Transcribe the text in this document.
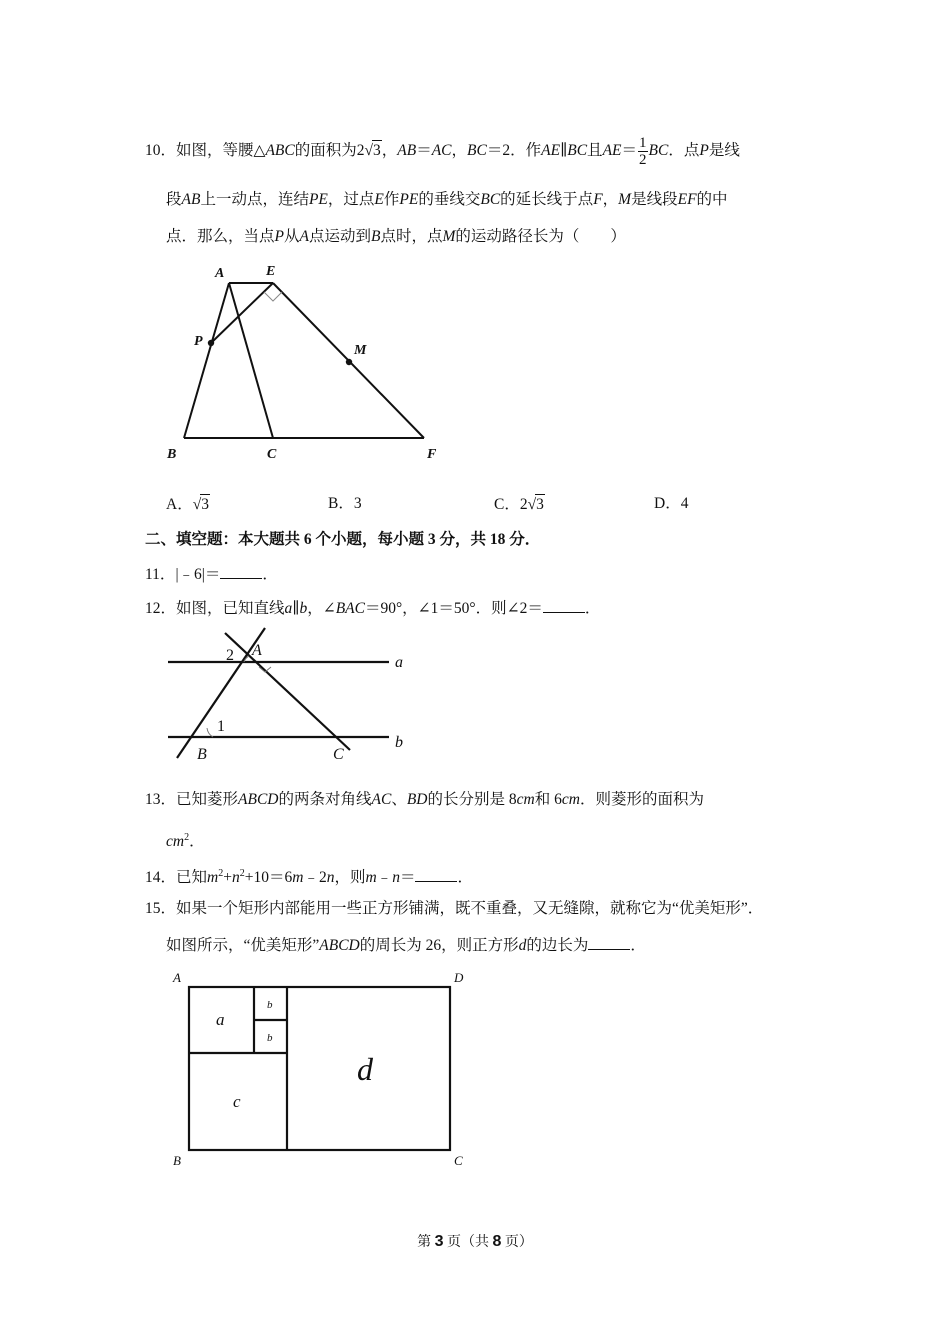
10．如图，等腰△ABC的面积为2√3，AB＝AC，BC＝2．作AE∥BC且$AE= \frac{1}{2}$ BC．点P是线
段AB上一动点，连结PE，过点E作PE的垂线交BC的延长线于点F，M是线段EF的中
点．那么，当点P从A点运动到B点时，点M的运动路径长为（　　）
A	E
P
M
B	C	F
A．√3	B．3	C．2√3	D．4
二、填空题：本大题共 6 个小题，每小题 3 分，共 18 分．
11．|﹣6|＝	．
12．如图，已知直线a∥b，∠BAC＝90°，∠1＝50°．则∠2＝	．
A
2	a
1
B	C
b
13．已知菱形ABCD的两条对角线AC、BD的长分别是 8cm和 6cm．则菱形的面积为
$cm^2$．
14．已知$m^2+n^2+10=6m﹣2n$，则m﹣n＝	．
15．如果一个矩形内部能用一些正方形铺满，既不重叠，又无缝隙，就称它为“优美矩形”．
如图所示，“优美矩形”ABCD的周长为 26，则正方形d的边长为	．
A	D
B	C
a
b
b
c
d
第 3 页（共 8 页）
